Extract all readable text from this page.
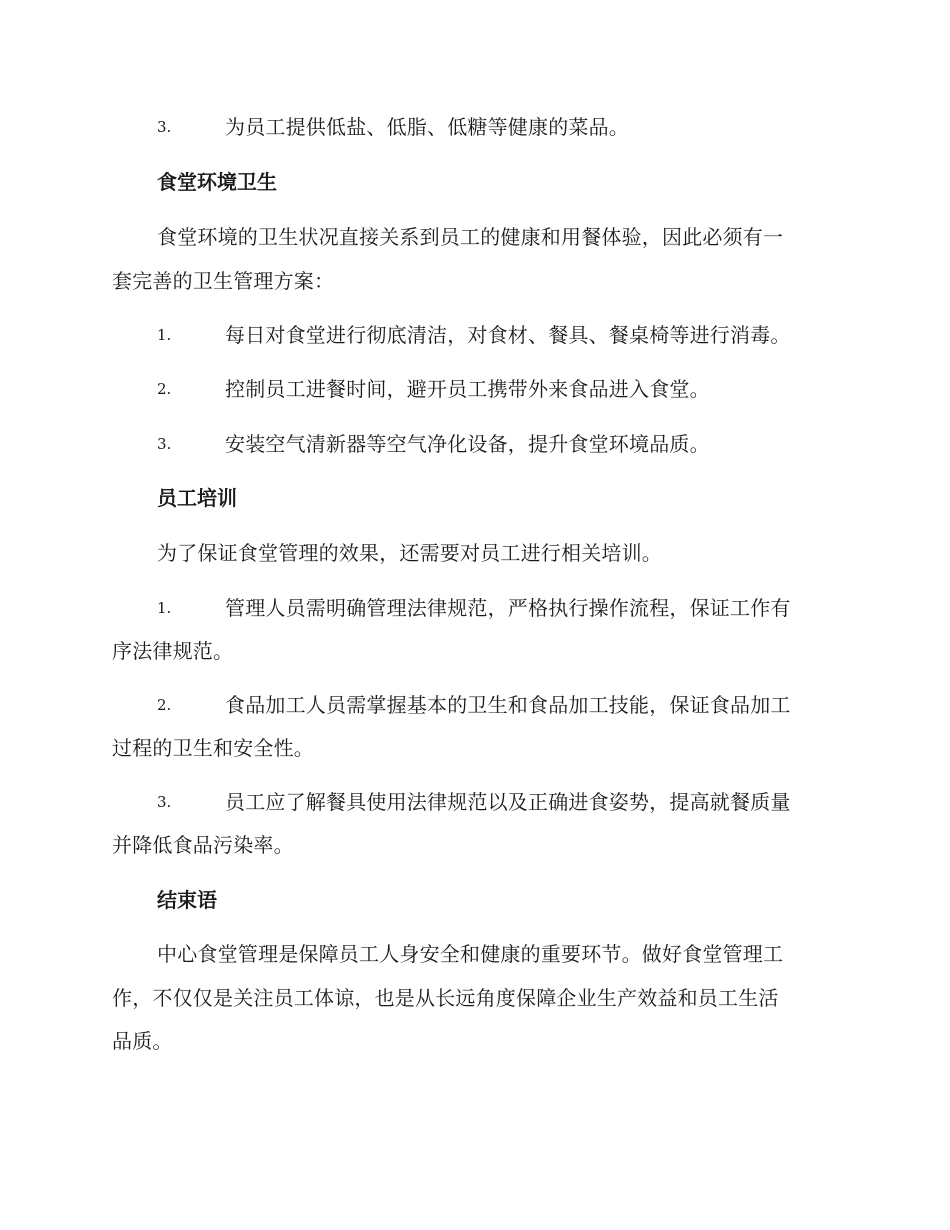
3.	为员工提供低盐、低脂、低糖等健康的菜品。
食堂环境卫生
食堂环境的卫生状况直接关系到员工的健康和用餐体验，因此必须有一
套完善的卫生管理方案：
1.	每日对食堂进行彻底清洁，对食材、餐具、餐桌椅等进行消毒。
2.	控制员工进餐时间，避开员工携带外来食品进入食堂。
3.	安装空气清新器等空气净化设备，提升食堂环境品质。
员工培训
为了保证食堂管理的效果，还需要对员工进行相关培训。
1.	管理人员需明确管理法律规范，严格执行操作流程，保证工作有
序法律规范。
2.	食品加工人员需掌握基本的卫生和食品加工技能，保证食品加工
过程的卫生和安全性。
3.	员工应了解餐具使用法律规范以及正确进食姿势，提高就餐质量
并降低食品污染率。
结束语
中心食堂管理是保障员工人身安全和健康的重要环节。做好食堂管理工
作，不仅仅是关注员工体谅，也是从长远角度保障企业生产效益和员工生活
品质。
